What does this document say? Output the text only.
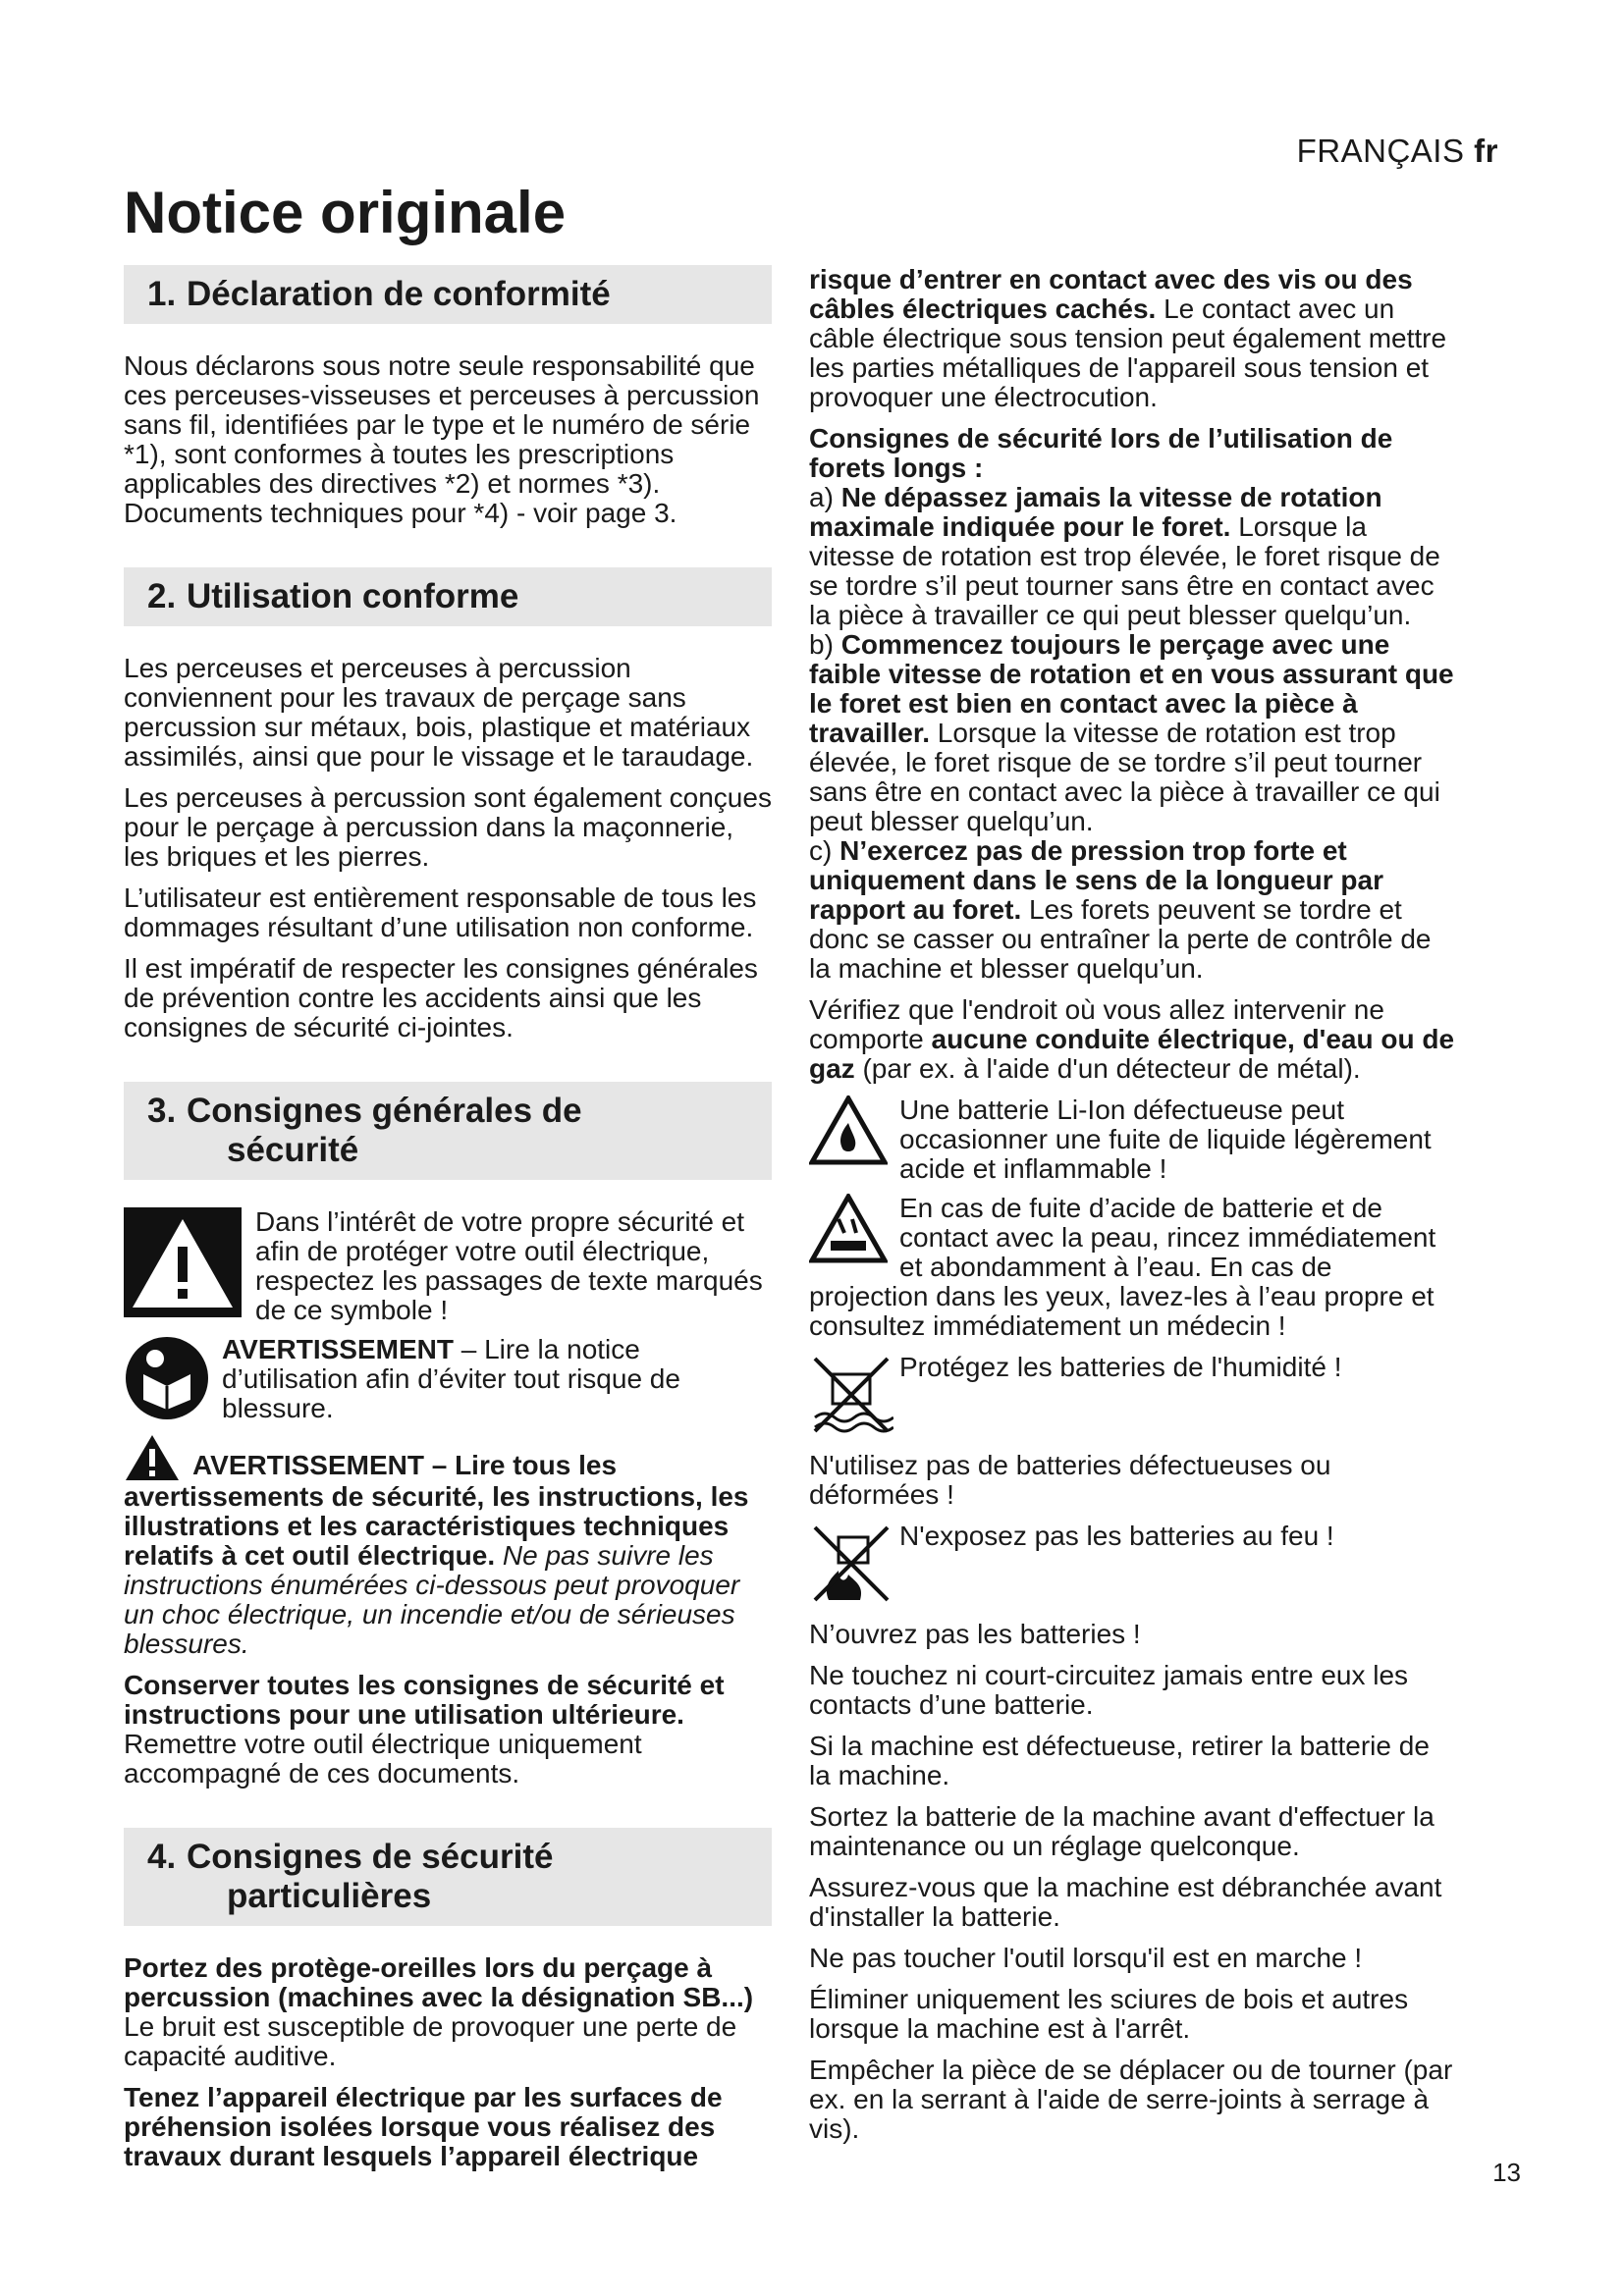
FRANÇAIS fr
Notice originale
1. Déclaration de conformité

Nous déclarons sous notre seule responsabilité que ces perceuses-visseuses et perceuses à percussion sans fil, identifiées par le type et le numéro de série *1), sont conformes à toutes les prescriptions applicables des directives *2) et normes *3). Documents techniques pour *4) - voir page 3.

2. Utilisation conforme

Les perceuses et perceuses à percussion conviennent pour les travaux de perçage sans percussion sur métaux, bois, plastique et matériaux assimilés, ainsi que pour le vissage et le taraudage.

Les perceuses à percussion sont également conçues pour le perçage à percussion dans la maçonnerie, les briques et les pierres.

L’utilisateur est entièrement responsable de tous les dommages résultant d’une utilisation non conforme.

Il est impératif de respecter les consignes générales de prévention contre les accidents ainsi que les consignes de sécurité ci-jointes.

3. Consignes générales de
sécurité
Dans l’intérêt de votre propre sécurité et afin de protéger votre outil électrique, respectez les passages de texte marqués de ce symbole !
AVERTISSEMENT – Lire la notice d’utilisation afin d’éviter tout risque de blessure.

AVERTISSEMENT – Lire tous les avertissements de sécurité, les instructions, les illustrations et les caractéristiques techniques relatifs à cet outil électrique. Ne pas suivre les instructions énumérées ci-dessous peut provoquer un choc électrique, un incendie et/ou de sérieuses blessures.

Conserver toutes les consignes de sécurité et instructions pour une utilisation ultérieure. Remettre votre outil électrique uniquement accompagné de ces documents.

4. Consignes de sécurité
particulières

Portez des protège-oreilles lors du perçage à percussion (machines avec la désignation SB...) Le bruit est susceptible de provoquer une perte de capacité auditive.

Tenez l’appareil électrique par les surfaces de préhension isolées lorsque vous réalisez des travaux durant lesquels l’appareil électrique

risque d’entrer en contact avec des vis ou des câbles électriques cachés. Le contact avec un câble électrique sous tension peut également mettre les parties métalliques de l'appareil sous tension et provoquer une électrocution.

Consignes de sécurité lors de l’utilisation de forets longs :

a) Ne dépassez jamais la vitesse de rotation maximale indiquée pour le foret. Lorsque la vitesse de rotation est trop élevée, le foret risque de se tordre s’il peut tourner sans être en contact avec la pièce à travailler ce qui peut blesser quelqu’un.

b) Commencez toujours le perçage avec une faible vitesse de rotation et en vous assurant que le foret est bien en contact avec la pièce à travailler. Lorsque la vitesse de rotation est trop élevée, le foret risque de se tordre s’il peut tourner sans être en contact avec la pièce à travailler ce qui peut blesser quelqu’un.

c) N’exercez pas de pression trop forte et uniquement dans le sens de la longueur par rapport au foret. Les forets peuvent se tordre et donc se casser ou entraîner la perte de contrôle de la machine et blesser quelqu’un.

Vérifiez que l'endroit où vous allez intervenir ne comporte aucune conduite électrique, d'eau ou de gaz (par ex. à l'aide d'un détecteur de métal).

Une batterie Li-Ion défectueuse peut occasionner une fuite de liquide légèrement acide et inflammable !

En cas de fuite d’acide de batterie et de contact avec la peau, rincez immédiatement et abondamment à l’eau. En cas de projection dans les yeux, lavez-les à l’eau propre et consultez immédiatement un médecin !

Protégez les batteries de l'humidité !

N'utilisez pas de batteries défectueuses ou déformées !

N'exposez pas les batteries au feu !

N’ouvrez pas les batteries !

Ne touchez ni court-circuitez jamais entre eux les contacts d’une batterie.

Si la machine est défectueuse, retirer la batterie de la machine.

Sortez la batterie de la machine avant d'effectuer la maintenance ou un réglage quelconque.

Assurez-vous que la machine est débranchée avant d'installer la batterie.

Ne pas toucher l'outil lorsqu'il est en marche !

Éliminer uniquement les sciures de bois et autres lorsque la machine est à l'arrêt.

Empêcher la pièce de se déplacer ou de tourner (par ex. en la serrant à l'aide de serre-joints à serrage à vis).

13
